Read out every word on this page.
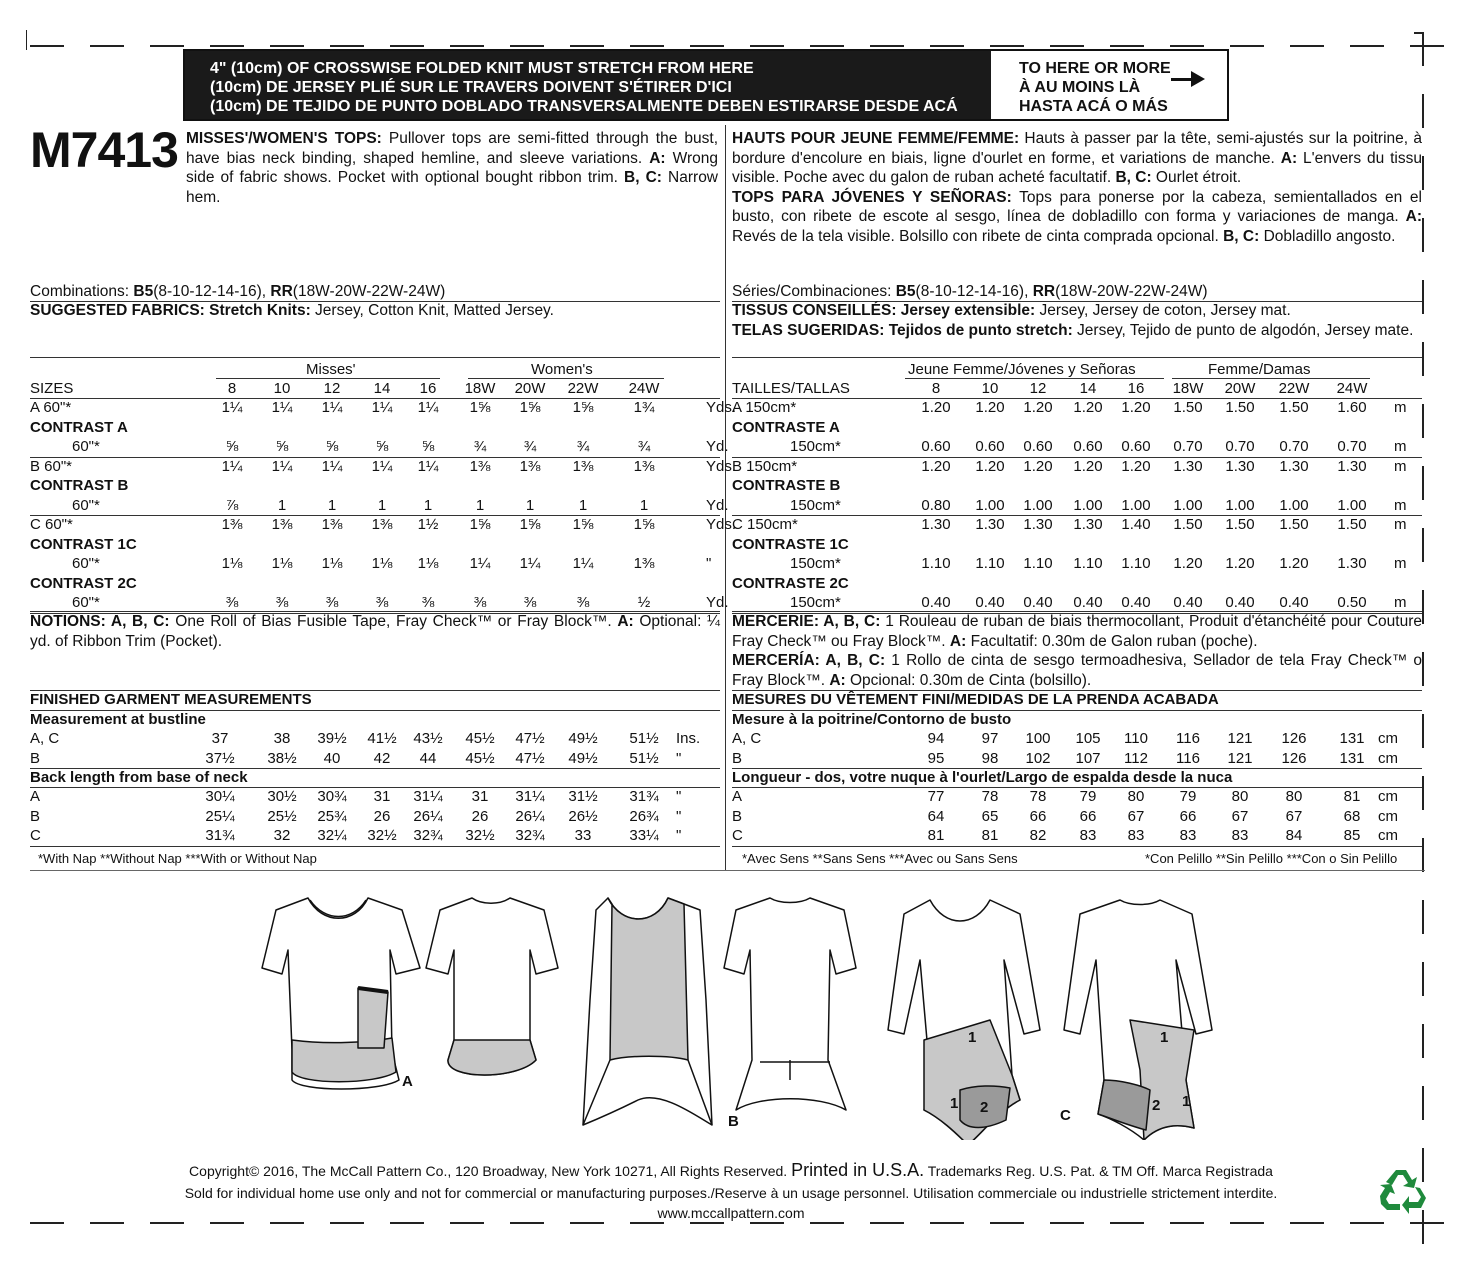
4" (10cm) OF CROSSWISE FOLDED KNIT MUST STRETCH FROM HERE
(10cm) DE JERSEY PLIÉ SUR LE TRAVERS DOIVENT S'ÉTIRER D'ICI
(10cm) DE TEJIDO DE PUNTO DOBLADO TRANSVERSALMENTE DEBEN ESTIRARSE DESDE ACÁ
TO HERE OR MORE
À AU MOINS LÀ
HASTA ACÁ O MÁS
M7413 MISSES'/WOMEN'S TOPS: Pullover tops are semi-fitted through the bust, have bias neck binding, shaped hemline, and sleeve variations. A: Wrong side of fabric shows. Pocket with optional bought ribbon trim. B, C: Narrow hem.
HAUTS POUR JEUNE FEMME/FEMME: Hauts à passer par la tête, semi-ajustés sur la poitrine, à bordure d'encolure en biais, ligne d'ourlet en forme, et variations de manche. A: L'envers du tissu visible. Poche avec du galon de ruban acheté facultatif. B, C: Ourlet étroit.
TOPS PARA JÓVENES Y SEÑORAS: Tops para ponerse por la cabeza, semientallados en el busto, con ribete de escote al sesgo, línea de dobladillo con forma y variaciones de manga. A: Revés de la tela visible. Bolsillo con ribete de cinta comprada opcional. B, C: Dobladillo angosto.
Combinations: B5(8-10-12-14-16), RR(18W-20W-22W-24W)
SUGGESTED FABRICS: Stretch Knits: Jersey, Cotton Knit, Matted Jersey.
Séries/Combinaciones: B5(8-10-12-14-16), RR(18W-20W-22W-24W)
TISSUS CONSEILLÉS: Jersey extensible: Jersey, Jersey de coton, Jersey mat.
TELAS SUGERIDAS: Tejidos de punto stretch: Jersey, Tejido de punto de algodón, Jersey mate.
Misses'	Women's
SIZES	8	10	12	14	16	18W	20W	22W	24W
A 60"*	1¼	1¼	1¼	1¼	1¼	1⅝	1⅝	1⅝	1¾	Yds.
CONTRAST A
60"*	⅝	⅝	⅝	⅝	⅝	¾	¾	¾	¾	Yd.
B 60"*	1¼	1¼	1¼	1¼	1¼	1⅜	1⅜	1⅜	1⅜	Yds.
CONTRAST B
60"*	⅞	1	1	1	1	1	1	1	1	Yd.
C 60"*	1⅜	1⅜	1⅜	1⅜	1½	1⅝	1⅝	1⅝	1⅝	Yds.
CONTRAST 1C
60"*	1⅛	1⅛	1⅛	1⅛	1⅛	1¼	1¼	1¼	1⅜	"
CONTRAST 2C
60"*	⅜	⅜	⅜	⅜	⅜	⅜	⅜	⅜	½	Yd.
Jeune Femme/Jóvenes y Señoras	Femme/Damas
TAILLES/TALLAS	8	10	12	14	16	18W	20W	22W	24W
A 150cm*	1.20	1.20	1.20	1.20	1.20	1.50	1.50	1.50	1.60	m
CONTRASTE A
150cm*	0.60	0.60	0.60	0.60	0.60	0.70	0.70	0.70	0.70	m
B 150cm*	1.20	1.20	1.20	1.20	1.20	1.30	1.30	1.30	1.30	m
CONTRASTE B
150cm*	0.80	1.00	1.00	1.00	1.00	1.00	1.00	1.00	1.00	m
C 150cm*	1.30	1.30	1.30	1.30	1.40	1.50	1.50	1.50	1.50	m
CONTRASTE 1C
150cm*	1.10	1.10	1.10	1.10	1.10	1.20	1.20	1.20	1.30	m
CONTRASTE 2C
150cm*	0.40	0.40	0.40	0.40	0.40	0.40	0.40	0.40	0.50	m
NOTIONS: A, B, C: One Roll of Bias Fusible Tape, Fray Check™ or Fray Block™. A: Optional: ¼ yd. of Ribbon Trim (Pocket).
MERCERIE: A, B, C: 1 Rouleau de ruban de biais thermocollant, Produit d'étanchéité pour Couture Fray Check™ ou Fray Block™. A: Facultatif: 0.30m de Galon ruban (poche).
MERCERÍA: A, B, C: 1 Rollo de cinta de sesgo termoadhesiva, Sellador de tela Fray Check™ o Fray Block™. A: Opcional: 0.30m de Cinta (bolsillo).
FINISHED GARMENT MEASUREMENTS
Measurement at bustline
A, C	37	38	39½	41½	43½	45½	47½	49½	51½	Ins.
B	37½	38½	40	42	44	45½	47½	49½	51½	"
Back length from base of neck
A	30¼	30½	30¾	31	31¼	31	31¼	31½	31¾	"
B	25¼	25½	25¾	26	26¼	26	26¼	26½	26¾	"
C	31¾	32	32¼	32½	32¾	32½	32¾	33	33¼	"
MESURES DU VÊTEMENT FINI/MEDIDAS DE LA PRENDA ACABADA
Mesure à la poitrine/Contorno de busto
A, C	94	97	100	105	110	116	121	126	131 cm
B	95	98	102	107	112	116	121	126	131 cm
Longueur - dos, votre nuque à l'ourlet/Largo de espalda desde la nuca
A	77	78	78	79	80	79	80	80	81	cm
B	64	65	66	66	67	66	67	67	68	cm
C	81	81	82	83	83	83	83	84	85	cm
*With Nap **Without Nap ***With or Without Nap	*Avec Sens **Sans Sens ***Avec ou Sans Sens	*Con Pelillo **Sin Pelillo ***Con o Sin Pelillo
A
B	C
1
1 2
1
1
2
Copyright© 2016, The McCall Pattern Co., 120 Broadway, New York 10271, All Rights Reserved. Printed in U.S.A. Trademarks Reg. U.S. Pat. & TM Off. Marca Registrada
Sold for individual home use only and not for commercial or manufacturing purposes./Reserve à un usage personnel. Utilisation commerciale ou industrielle strictement interdite.
www.mccallpattern.com
